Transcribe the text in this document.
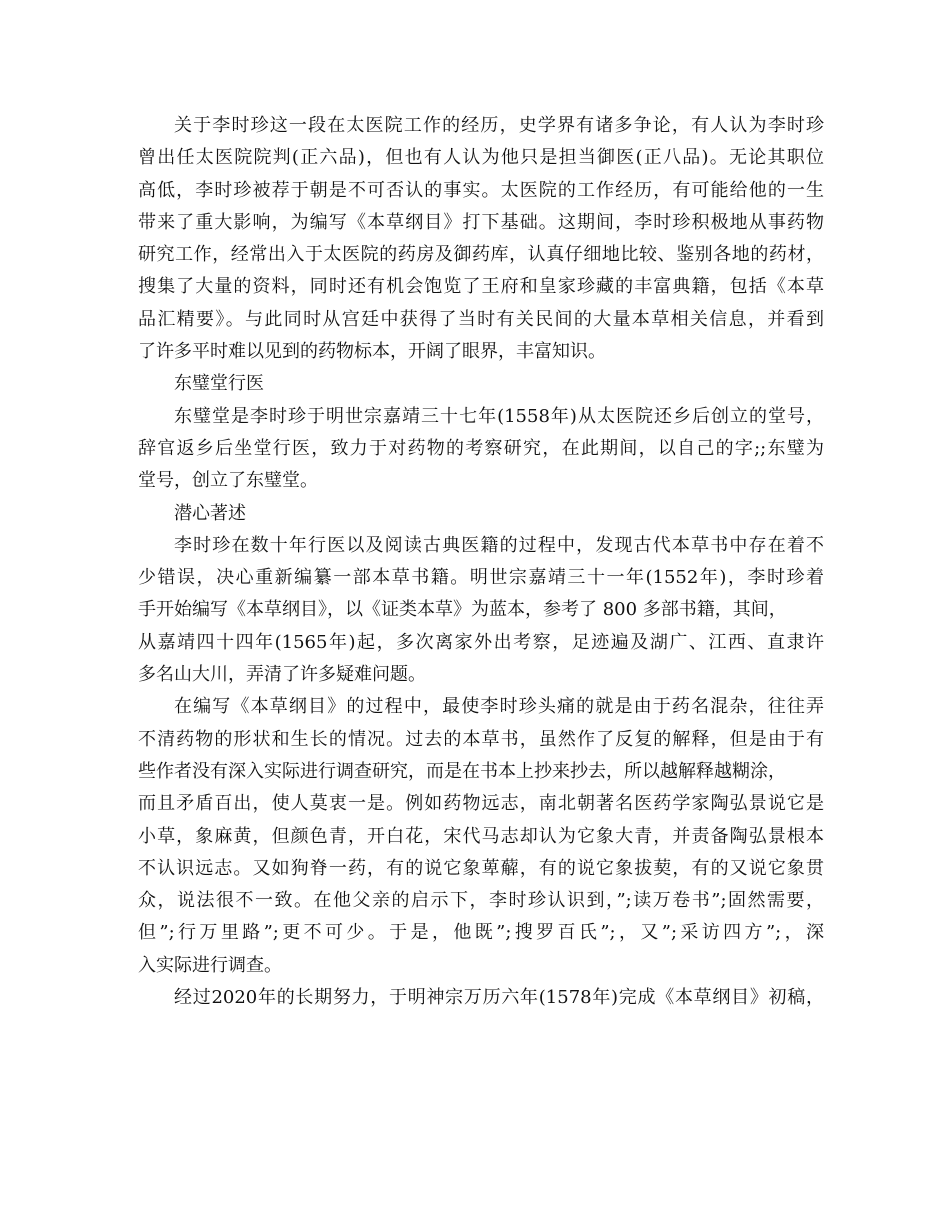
关于李时珍这一段在太医院工作的经历，史学界有诸多争论，有人认为李时珍
曾出任太医院院判(正六品)，但也有人认为他只是担当御医(正八品)。无论其职位
高低，李时珍被荐于朝是不可否认的事实。太医院的工作经历，有可能给他的一生
带来了重大影响，为编写《本草纲目》打下基础。这期间，李时珍积极地从事药物
研究工作，经常出入于太医院的药房及御药库，认真仔细地比较、鉴别各地的药材，
搜集了大量的资料，同时还有机会饱览了王府和皇家珍藏的丰富典籍，包括《本草
品汇精要》。与此同时从宫廷中获得了当时有关民间的大量本草相关信息，并看到
了许多平时难以见到的药物标本，开阔了眼界，丰富知识。
东璧堂行医
东璧堂是李时珍于明世宗嘉靖三十七年(1558年)从太医院还乡后创立的堂号，
辞官返乡后坐堂行医，致力于对药物的考察研究，在此期间，以自己的字;;东璧为
堂号，创立了东璧堂。
潜心著述
李时珍在数十年行医以及阅读古典医籍的过程中，发现古代本草书中存在着不
少错误，决心重新编纂一部本草书籍。明世宗嘉靖三十一年(1552年)，李时珍着
手开始编写《本草纲目》，以《证类本草》为蓝本，参考了 800 多部书籍，其间，
从嘉靖四十四年(1565年)起，多次离家外出考察，足迹遍及湖广、江西、直隶许
多名山大川，弄清了许多疑难问题。
在编写《本草纲目》的过程中，最使李时珍头痛的就是由于药名混杂，往往弄
不清药物的形状和生长的情况。过去的本草书，虽然作了反复的解释，但是由于有
些作者没有深入实际进行调查研究，而是在书本上抄来抄去，所以越解释越糊涂，
而且矛盾百出，使人莫衷一是。例如药物远志，南北朝著名医药学家陶弘景说它是
小草，象麻黄，但颜色青，开白花，宋代马志却认为它象大青，并责备陶弘景根本
不认识远志。又如狗脊一药，有的说它象萆薢，有的说它象拔葜，有的又说它象贯
众，说法很不一致。在他父亲的启示下，李时珍认识到，”;读万卷书”;固然需要，
但”;行万里路”;更不可少。于是，他既”;搜罗百氏”;，又”;采访四方”;，深
入实际进行调查。
经过2020年的长期努力，于明神宗万历六年(1578年)完成《本草纲目》初稿，
